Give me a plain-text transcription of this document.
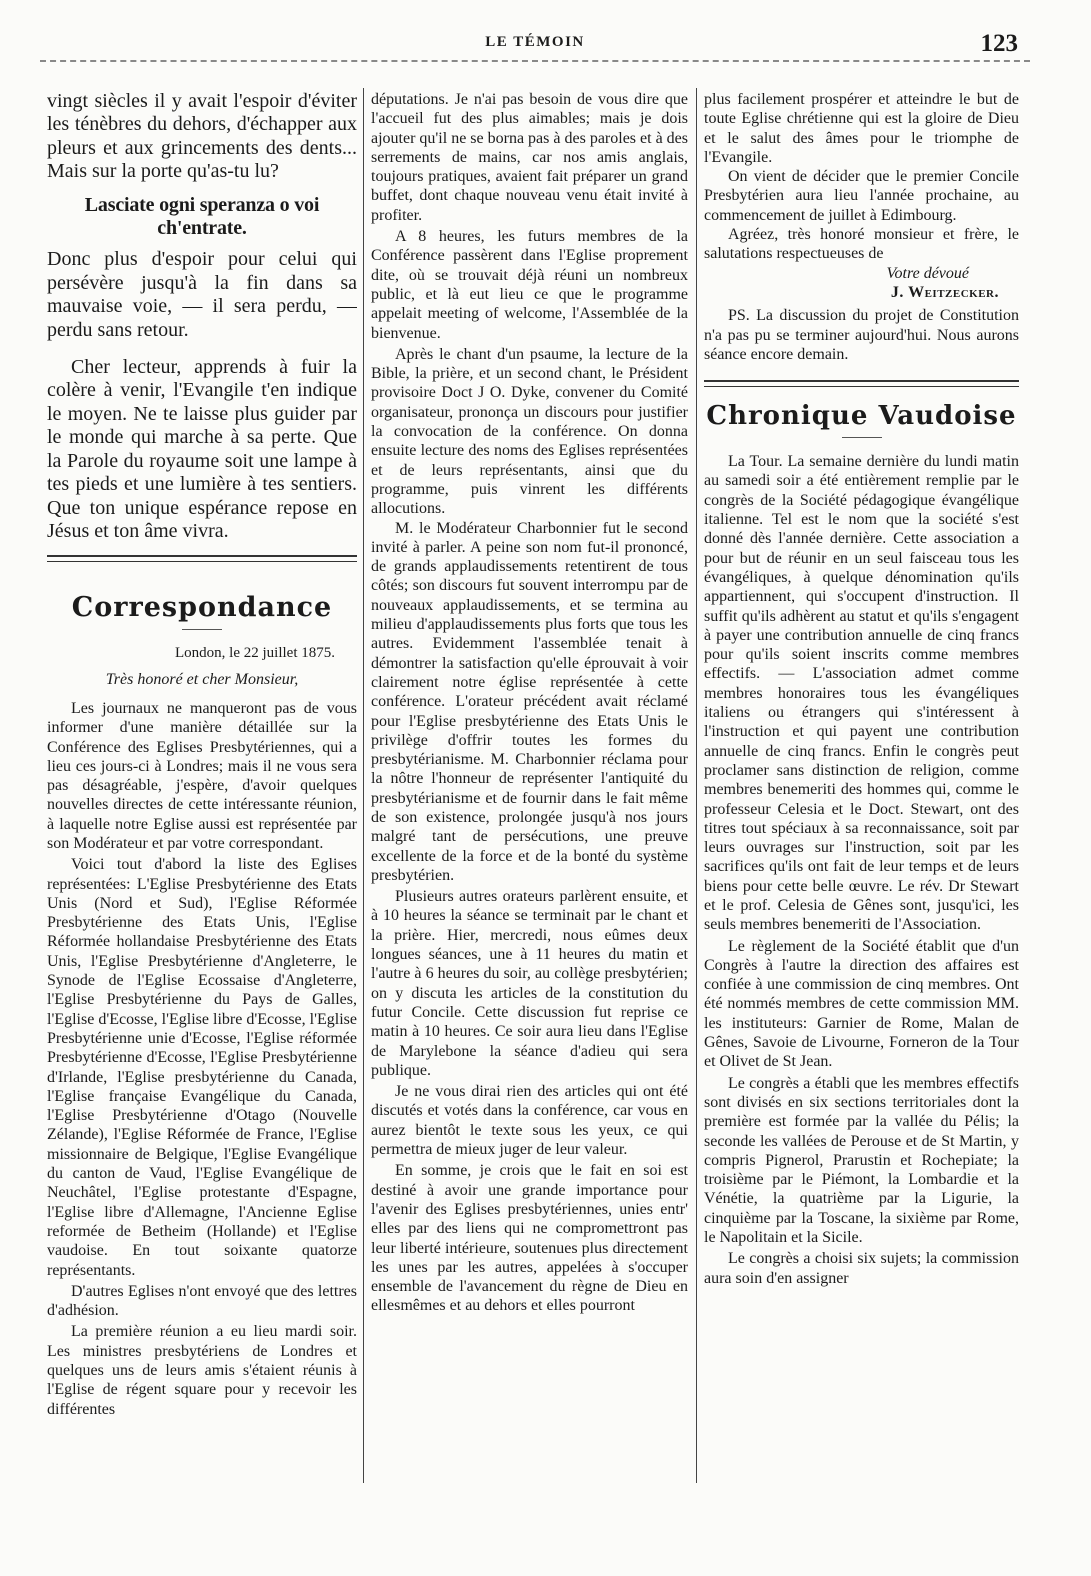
LE TÉMOIN	123

vingt siècles il y avait l'espoir d'éviter les ténèbres du dehors, d'échapper aux pleurs et aux grincements des dents... Mais sur la porte qu'as-tu lu?

Lasciate ogni speranza o voi ch'entrate.

Donc plus d'espoir pour celui qui persévère jusqu'à la fin dans sa mauvaise voie, — il sera perdu, — perdu sans retour.

Cher lecteur, apprends à fuir la colère à venir, l'Evangile t'en indique le moyen. Ne te laisse plus guider par le monde qui marche à sa perte. Que la Parole du royaume soit une lampe à tes pieds et une lumière à tes sentiers. Que ton unique espérance repose en Jésus et ton âme vivra.

Correspondance

London, le 22 juillet 1875.

Très honoré et cher Monsieur,

Les journaux ne manqueront pas de vous informer d'une manière détaillée sur la Conférence des Eglises Presbytériennes, qui a lieu ces jours-ci à Londres; mais il ne vous sera pas désagréable, j'espère, d'avoir quelques nouvelles directes de cette intéressante réunion, à laquelle notre Eglise aussi est représentée par son Modérateur et par votre correspondant.

Voici tout d'abord la liste des Eglises représentées: L'Eglise Presbytérienne des Etats Unis (Nord et Sud), l'Eglise Réformée Presbytérienne des Etats Unis, l'Eglise Réformée hollandaise Presbytérienne des Etats Unis, l'Eglise Presbytérienne d'Angleterre, le Synode de l'Eglise Ecossaise d'Angleterre, l'Eglise Presbytérienne du Pays de Galles, l'Eglise d'Ecosse, l'Eglise libre d'Ecosse, l'Eglise Presbytérienne unie d'Ecosse, l'Eglise réformée Presbytérienne d'Ecosse, l'Eglise Presbytérienne d'Irlande, l'Eglise presbytérienne du Canada, l'Eglise française Evangélique du Canada, l'Eglise Presbytérienne d'Otago (Nouvelle Zélande), l'Eglise Réformée de France, l'Eglise missionnaire de Belgique, l'Eglise Evangélique du canton de Vaud, l'Eglise Evangélique de Neuchâtel, l'Eglise protestante d'Espagne, l'Eglise libre d'Allemagne, l'Ancienne Eglise reformée de Betheim (Hollande) et l'Eglise vaudoise. En tout soixante quatorze représentants.

D'autres Eglises n'ont envoyé que des lettres d'adhésion.

La première réunion a eu lieu mardi soir. Les ministres presbytériens de Londres et quelques uns de leurs amis s'étaient réunis à l'Eglise de régent square pour y recevoir les différentes

députations. Je n'ai pas besoin de vous dire que l'accueil fut des plus aimables; mais je dois ajouter qu'il ne se borna pas à des paroles et à des serrements de mains, car nos amis anglais, toujours pratiques, avaient fait préparer un grand buffet, dont chaque nouveau venu était invité à profiter.

A 8 heures, les futurs membres de la Conférence passèrent dans l'Eglise proprement dite, où se trouvait déjà réuni un nombreux public, et là eut lieu ce que le programme appelait meeting of welcome, l'Assemblée de la bienvenue.

Après le chant d'un psaume, la lecture de la Bible, la prière, et un second chant, le Président provisoire Doct J O. Dyke, convener du Comité organisateur, prononça un discours pour justifier la convocation de la conférence. On donna ensuite lecture des noms des Eglises représentées et de leurs représentants, ainsi que du programme, puis vinrent les différents allocutions.

M. le Modérateur Charbonnier fut le second invité à parler. A peine son nom fut-il prononcé, de grands applaudissements retentirent de tous côtés; son discours fut souvent interrompu par de nouveaux applaudissements, et se termina au milieu d'applaudissements plus forts que tous les autres. Evidemment l'assemblée tenait à démontrer la satisfaction qu'elle éprouvait à voir clairement notre église représentée à cette conférence. L'orateur précédent avait réclamé pour l'Eglise presbytérienne des Etats Unis le privilège d'offrir toutes les formes du presbytérianisme. M. Charbonnier réclama pour la nôtre l'honneur de représenter l'antiquité du presbytérianisme et de fournir dans le fait même de son existence, prolongée jusqu'à nos jours malgré tant de persécutions, une preuve excellente de la force et de la bonté du système presbytérien.

Plusieurs autres orateurs parlèrent ensuite, et à 10 heures la séance se terminait par le chant et la prière. Hier, mercredi, nous eûmes deux longues séances, une à 11 heures du matin et l'autre à 6 heures du soir, au collège presbytérien; on y discuta les articles de la constitution du futur Concile. Cette discussion fut reprise ce matin à 10 heures. Ce soir aura lieu dans l'Eglise de Marylebone la séance d'adieu qui sera publique.

Je ne vous dirai rien des articles qui ont été discutés et votés dans la conférence, car vous en aurez bientôt le texte sous les yeux, ce qui permettra de mieux juger de leur valeur.

En somme, je crois que le fait en soi est destiné à avoir une grande importance pour l'avenir des Eglises presbytériennes, unies entr' elles par des liens qui ne compromettront pas leur liberté intérieure, soutenues plus directement les unes par les autres, appelées à s'occuper ensemble de l'avancement du règne de Dieu en ellesmêmes et au dehors et elles pourront

plus facilement prospérer et atteindre le but de toute Eglise chrétienne qui est la gloire de Dieu et le salut des âmes pour le triomphe de l'Evangile.

On vient de décider que le premier Concile Presbytérien aura lieu l'année prochaine, au commencement de juillet à Edimbourg.

Agréez, très honoré monsieur et frère, le salutations respectueuses de

Votre dévoué

J. Weitzecker.

PS. La discussion du projet de Constitution n'a pas pu se terminer aujourd'hui. Nous aurons séance encore demain.

Chronique Vaudoise

La Tour. La semaine dernière du lundi matin au samedi soir a été entièrement remplie par le congrès de la Société pédagogique évangélique italienne. Tel est le nom que la société s'est donné dès l'année dernière. Cette association a pour but de réunir en un seul faisceau tous les évangéliques, à quelque dénomination qu'ils appartiennent, qui s'occupent d'instruction. Il suffit qu'ils adhèrent au statut et qu'ils s'engagent à payer une contribution annuelle de cinq francs pour qu'ils soient inscrits comme membres effectifs. — L'association admet comme membres honoraires tous les évangéliques italiens ou étrangers qui s'intéressent à l'instruction et qui payent une contribution annuelle de cinq francs. Enfin le congrès peut proclamer sans distinction de religion, comme membres benemeriti des hommes qui, comme le professeur Celesia et le Doct. Stewart, ont des titres tout spéciaux à sa reconnaissance, soit par leurs ouvrages sur l'instruction, soit par les sacrifices qu'ils ont fait de leur temps et de leurs biens pour cette belle œuvre. Le rév. Dr Stewart et le prof. Celesia de Gênes sont, jusqu'ici, les seuls membres benemeriti de l'Association.

Le règlement de la Société établit que d'un Congrès à l'autre la direction des affaires est confiée à une commission de cinq membres. Ont été nommés membres de cette commission MM. les instituteurs: Garnier de Rome, Malan de Gênes, Savoie de Livourne, Forneron de la Tour et Olivet de St Jean.

Le congrès a établi que les membres effectifs sont divisés en six sections territoriales dont la première est formée par la vallée du Pélis; la seconde les vallées de Perouse et de St Martin, y compris Pignerol, Prarustin et Rochepiate; la troisième par le Piémont, la Lombardie et la Vénétie, la quatrième par la Ligurie, la cinquième par la Toscane, la sixième par Rome, le Napolitain et la Sicile.

Le congrès a choisi six sujets; la commission aura soin d'en assigner
